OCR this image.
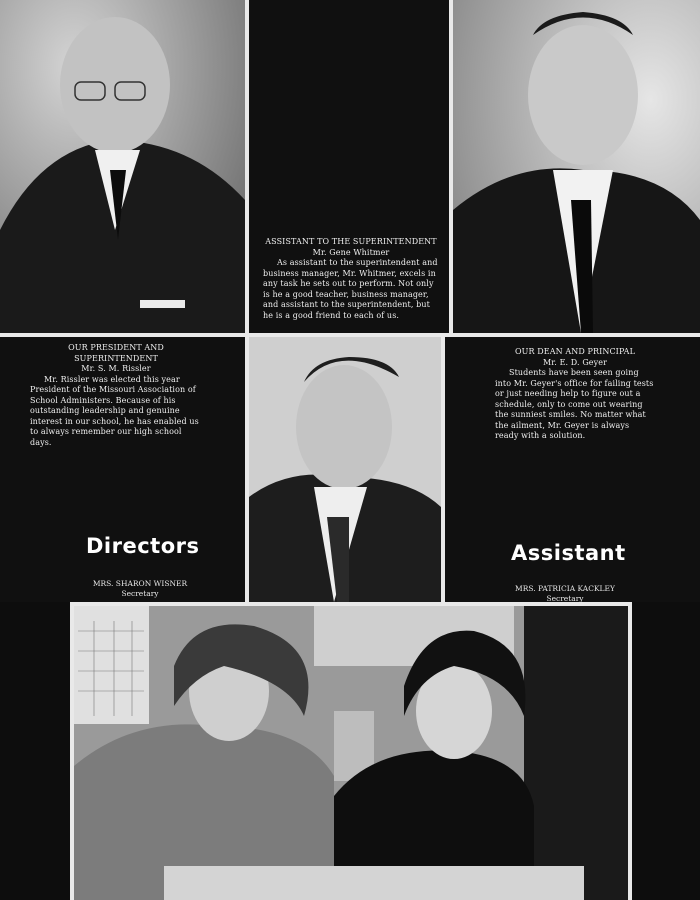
ASSISTANT TO THE SUPERINTENDENT
Mr. Gene Whitmer
As assistant to the superintendent and business manager, Mr. Whitmer, excels in any task he sets out to perform. Not only is he a good teacher, business manager, and assistant to the superintendent, but he is a good friend to each of us.
OUR PRESIDENT AND SUPERINTENDENT
Mr. S. M. Rissler
Mr. Rissler was elected this year President of the Missouri Association of School Administers. Because of his outstanding leadership and genuine interest in our school, he has enabled us to always remember our high school days.
Directors
MRS. SHARON WISNER
Secretary
OUR DEAN AND PRINCIPAL
Mr. E. D. Geyer
Students have been seen going into Mr. Geyer's office for failing tests or just needing help to figure out a schedule, only to come out wearing the sunniest smiles. No matter what the ailment, Mr. Geyer is always ready with a solution.
Assistant
MRS. PATRICIA KACKLEY
Secretary
